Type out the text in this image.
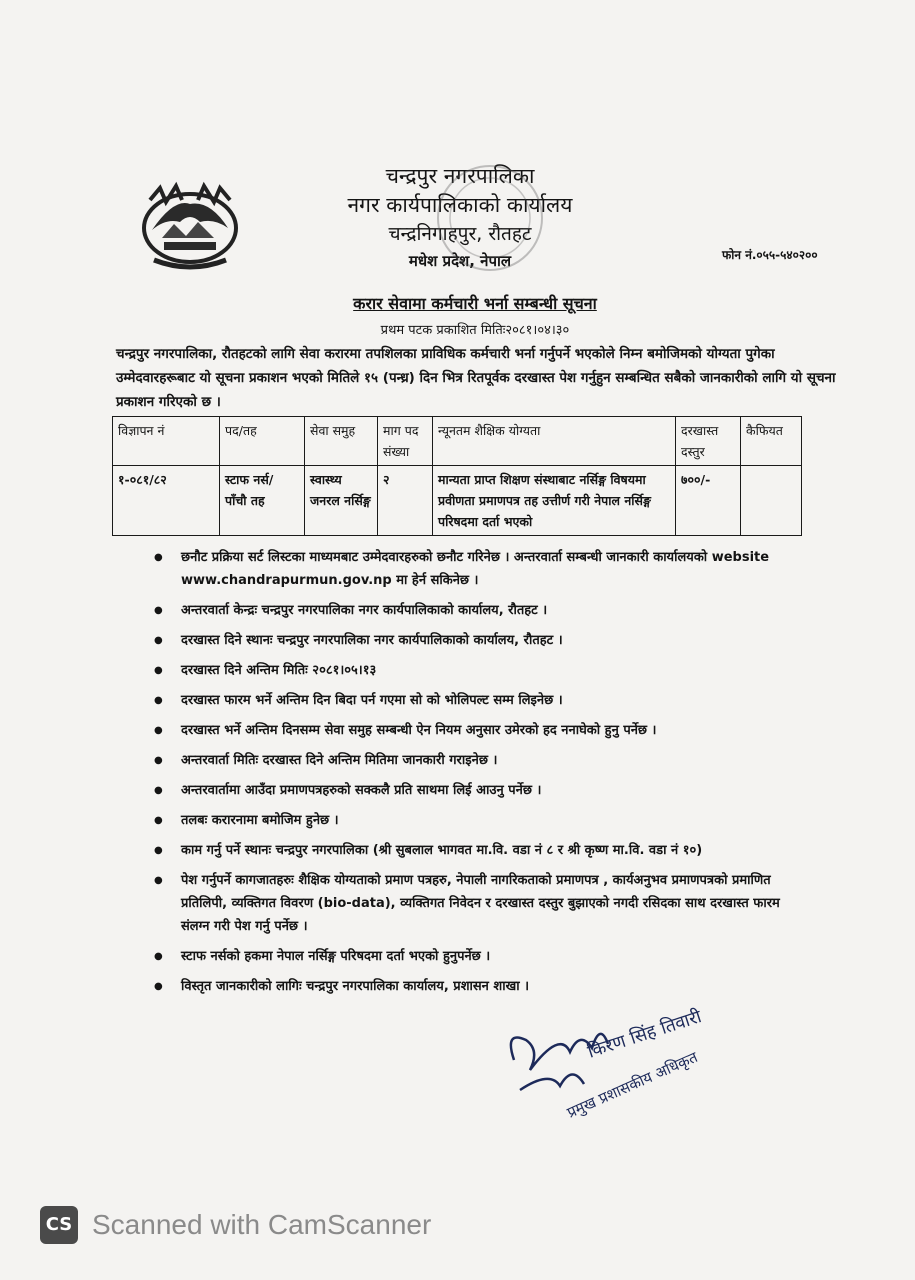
चन्द्रपुर नगरपालिका
नगर कार्यपालिकाको कार्यालय
चन्द्रनिगाहपुर, रौतहट
मधेश प्रदेश, नेपाल	फोन नं.०५५-५४०२००
करार सेवामा कर्मचारी भर्ना सम्बन्धी सूचना
प्रथम पटक प्रकाशित मितिः२०८१।०४।३०
चन्द्रपुर नगरपालिका, रौतहटको लागि सेवा करारमा तपशिलका प्राविधिक कर्मचारी भर्ना गर्नुपर्ने भएकोले निम्न बमोजिमको योग्यता पुगेका उम्मेदवारहरूबाट यो सूचना प्रकाशन भएको मितिले १५ (पन्ध्र) दिन भित्र रितपूर्वक दरखास्त पेश गर्नुहुन सम्बन्धित सबैको जानकारीको लागि यो सूचना प्रकाशन गरिएको छ ।
विज्ञापन नं	पद/तह	सेवा समुह	माग पद संख्या	न्यूनतम शैक्षिक योग्यता	दरखास्त दस्तुर	कैफियत
१-०८१/८२	स्टाफ नर्स/ पाँचौ तह	स्वास्थ्य जनरल नर्सिङ्ग	२	मान्यता प्राप्त शिक्षण संस्थाबाट नर्सिङ्ग विषयमा प्रवीणता प्रमाणपत्र तह उत्तीर्ण गरी नेपाल नर्सिङ्ग परिषदमा दर्ता भएको	७००/-	
● छनौट प्रक्रिया सर्ट लिस्टका माध्यमबाट उम्मेदवारहरुको छनौट गरिनेछ । अन्तरवार्ता सम्बन्धी जानकारी कार्यालयको website www.chandrapurmun.gov.np मा हेर्न सकिनेछ ।
● अन्तरवार्ता केन्द्रः चन्द्रपुर नगरपालिका नगर कार्यपालिकाको कार्यालय, रौतहट ।
● दरखास्त दिने स्थानः चन्द्रपुर नगरपालिका नगर कार्यपालिकाको कार्यालय, रौतहट ।
● दरखास्त दिने अन्तिम मितिः २०८१।०५।१३
● दरखास्त फारम भर्ने अन्तिम दिन बिदा पर्न गएमा सो को भोलिपल्ट सम्म लिइनेछ ।
● दरखास्त भर्ने अन्तिम दिनसम्म सेवा समुह सम्बन्धी ऐन नियम अनुसार उमेरको हद ननाघेको हुनु पर्नेछ ।
● अन्तरवार्ता मितिः दरखास्त दिने अन्तिम मितिमा जानकारी गराइनेछ ।
● अन्तरवार्तामा आउँदा प्रमाणपत्रहरुको सक्कलै प्रति साथमा लिई आउनु पर्नेछ ।
● तलबः करारनामा बमोजिम हुनेछ ।
● काम गर्नु पर्ने स्थानः चन्द्रपुर नगरपालिका (श्री सुबलाल भागवत मा.वि. वडा नं ८ र श्री कृष्ण मा.वि. वडा नं १०)
● पेश गर्नुपर्ने कागजातहरुः शैक्षिक योग्यताको प्रमाण पत्रहरु, नेपाली नागरिकताको प्रमाणपत्र , कार्यअनुभव प्रमाणपत्रको प्रमाणित प्रतिलिपी, व्यक्तिगत विवरण (bio-data), व्यक्तिगत निवेदन र दरखास्त दस्तुर बुझाएको नगदी रसिदका साथ दरखास्त फारम संलग्न गरी पेश गर्नु पर्नेछ ।
● स्टाफ नर्सको हकमा नेपाल नर्सिङ्ग परिषदमा दर्ता भएको हुनुपर्नेछ ।
● विस्तृत जानकारीको लागिः चन्द्रपुर नगरपालिका कार्यालय, प्रशासन शाखा ।
किरण सिंह तिवारी
प्रमुख प्रशासकीय अधिकृत
CS Scanned with CamScanner
